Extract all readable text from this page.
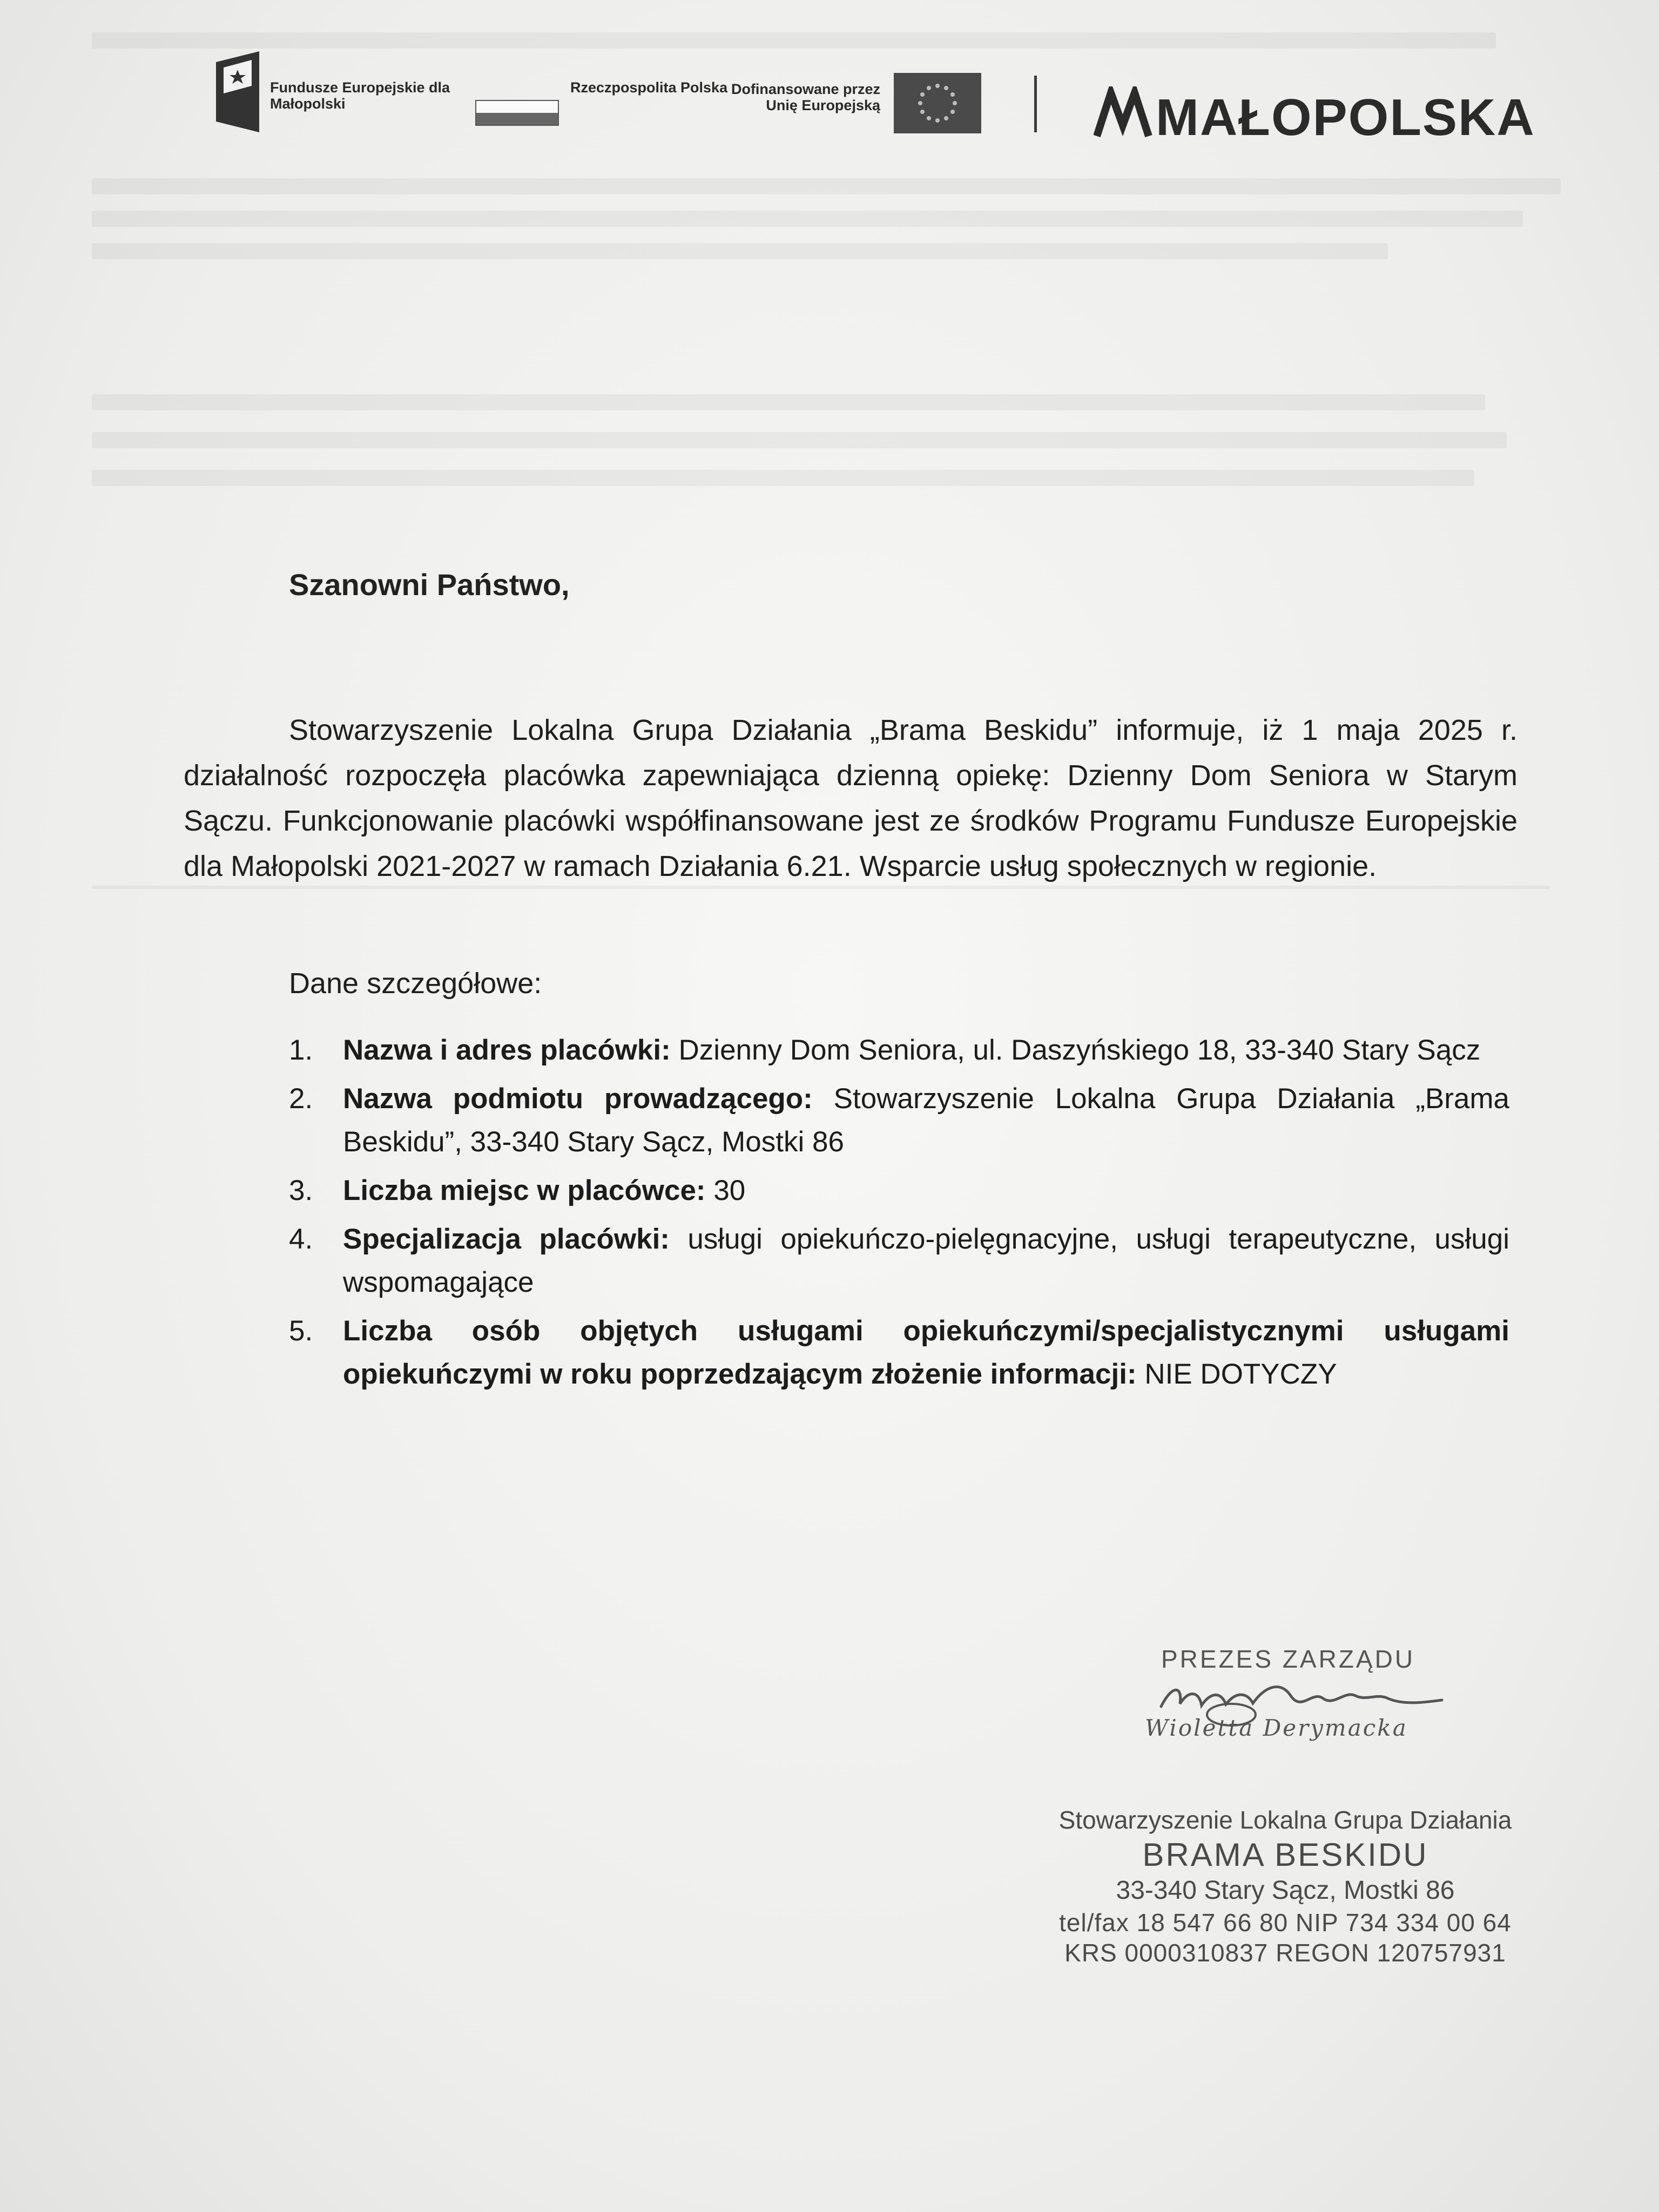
Fundusze Europejskie dla Małopolski
Rzeczpospolita Polska Dofinansowane przez Unię Europejską	MAŁOPOLSKA
Szanowni Państwo,
Stowarzyszenie Lokalna Grupa Działania „Brama Beskidu” informuje, iż 1 maja 2025 r. działalność rozpoczęła placówka zapewniająca dzienną opiekę: Dzienny Dom Seniora w Starym Sączu. Funkcjonowanie placówki współfinansowane jest ze środków Programu Fundusze Europejskie dla Małopolski 2021-2027 w ramach Działania 6.21. Wsparcie usług społecznych w regionie.
Dane szczegółowe:
1. Nazwa i adres placówki: Dzienny Dom Seniora, ul. Daszyńskiego 18, 33-340 Stary Sącz
2. Nazwa podmiotu prowadzącego: Stowarzyszenie Lokalna Grupa Działania „Brama Beskidu”, 33-340 Stary Sącz, Mostki 86
3. Liczba miejsc w placówce: 30
4. Specjalizacja placówki: usługi opiekuńczo-pielęgnacyjne, usługi terapeutyczne, usługi wspomagające
5. Liczba osób objętych usługami opiekuńczymi/specjalistycznymi usługami opiekuńczymi w roku poprzedzającym złożenie informacji: NIE DOTYCZY
PREZES ZARZĄDU
Wioletta Derymacka
Stowarzyszenie Lokalna Grupa Działania
BRAMA BESKIDU
33-340 Stary Sącz, Mostki 86
tel/fax 18 547 66 80 NIP 734 334 00 64
KRS 0000310837 REGON 120757931
